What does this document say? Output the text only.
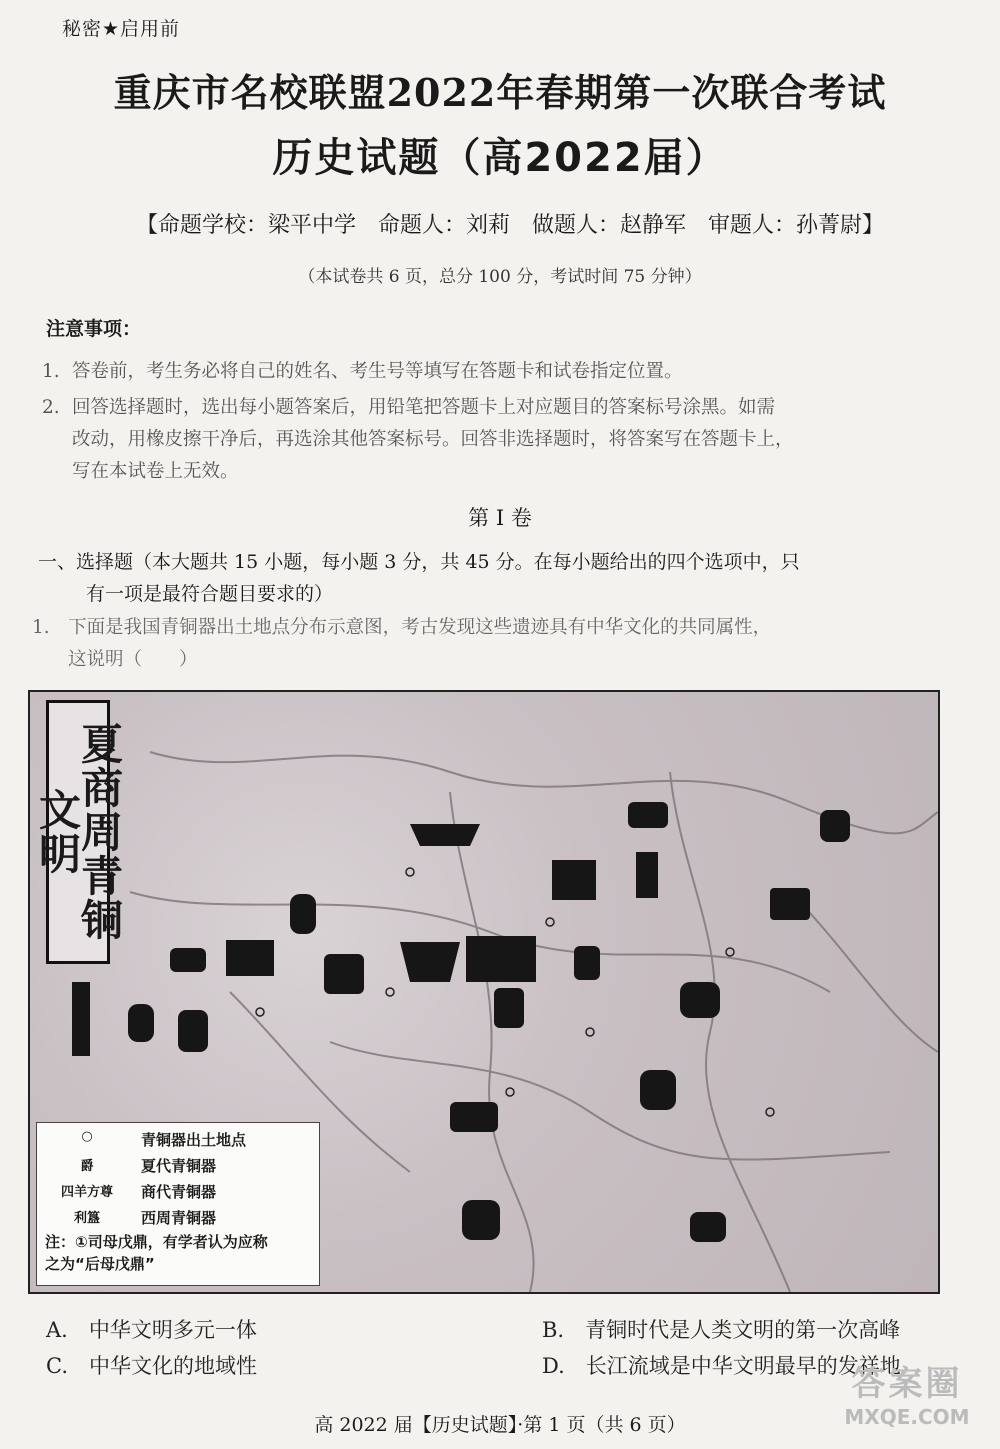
秘密★启用前
重庆市名校联盟2022年春期第一次联合考试
历史试题（高2022届）
【命题学校：梁平中学　命题人：刘莉　做题人：赵静军　审题人：孙菁尉】
（本试卷共 6 页，总分 100 分，考试时间 75 分钟）
注意事项：
1. 答卷前，考生务必将自己的姓名、考生号等填写在答题卡和试卷指定位置。
2. 回答选择题时，选出每小题答案后，用铅笔把答题卡上对应题目的答案标号涂黑。如需
改动，用橡皮擦干净后，再选涂其他答案标号。回答非选择题时，将答案写在答题卡上，
写在本试卷上无效。
第 I 卷
一、选择题（本大题共 15 小题，每小题 3 分，共 45 分。在每小题给出的四个选项中，只
有一项是最符合题目要求的）
1.　下面是我国青铜器出土地点分布示意图，考古发现这些遗迹具有中华文化的共同属性，
这说明（　　）
夏商周青铜文明
○	青铜器出土地点
爵	夏代青铜器
四羊方尊	商代青铜器
利簋	西周青铜器
注：①司母戊鼎，有学者认为应称
之为“后母戊鼎”
A.　中华文明多元一体	B.　青铜时代是人类文明的第一次高峰
C.　中华文化的地域性	D.　长江流域是中华文明最早的发祥地
高 2022 届【历史试题】·第 1 页（共 6 页）
答案圈
MXQE.COM
